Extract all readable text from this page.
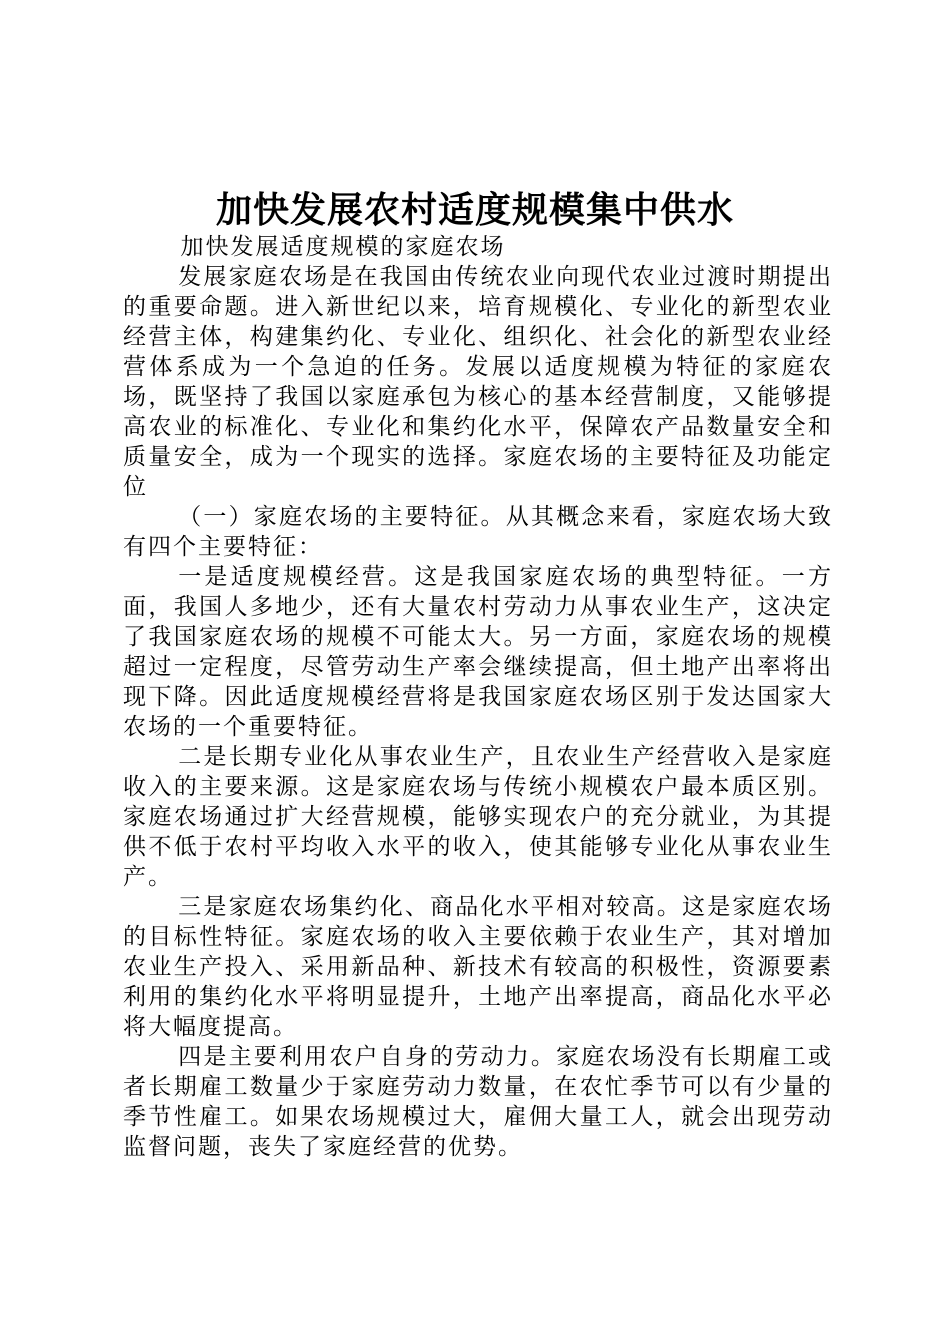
加快发展农村适度规模集中供水

加快发展适度规模的家庭农场

发展家庭农场是在我国由传统农业向现代农业过渡时期提出的重要命题。进入新世纪以来，培育规模化、专业化的新型农业经营主体，构建集约化、专业化、组织化、社会化的新型农业经营体系成为一个急迫的任务。发展以适度规模为特征的家庭农场，既坚持了我国以家庭承包为核心的基本经营制度，又能够提高农业的标准化、专业化和集约化水平，保障农产品数量安全和质量安全，成为一个现实的选择。家庭农场的主要特征及功能定位

（一）家庭农场的主要特征。从其概念来看，家庭农场大致有四个主要特征：

一是适度规模经营。这是我国家庭农场的典型特征。一方面，我国人多地少，还有大量农村劳动力从事农业生产，这决定了我国家庭农场的规模不可能太大。另一方面，家庭农场的规模超过一定程度，尽管劳动生产率会继续提高，但土地产出率将出现下降。因此适度规模经营将是我国家庭农场区别于发达国家大农场的一个重要特征。

二是长期专业化从事农业生产，且农业生产经营收入是家庭收入的主要来源。这是家庭农场与传统小规模农户最本质区别。家庭农场通过扩大经营规模，能够实现农户的充分就业，为其提供不低于农村平均收入水平的收入，使其能够专业化从事农业生产。

三是家庭农场集约化、商品化水平相对较高。这是家庭农场的目标性特征。家庭农场的收入主要依赖于农业生产，其对增加农业生产投入、采用新品种、新技术有较高的积极性，资源要素利用的集约化水平将明显提升，土地产出率提高，商品化水平必将大幅度提高。

四是主要利用农户自身的劳动力。家庭农场没有长期雇工或者长期雇工数量少于家庭劳动力数量，在农忙季节可以有少量的季节性雇工。如果农场规模过大，雇佣大量工人，就会出现劳动监督问题，丧失了家庭经营的优势。
